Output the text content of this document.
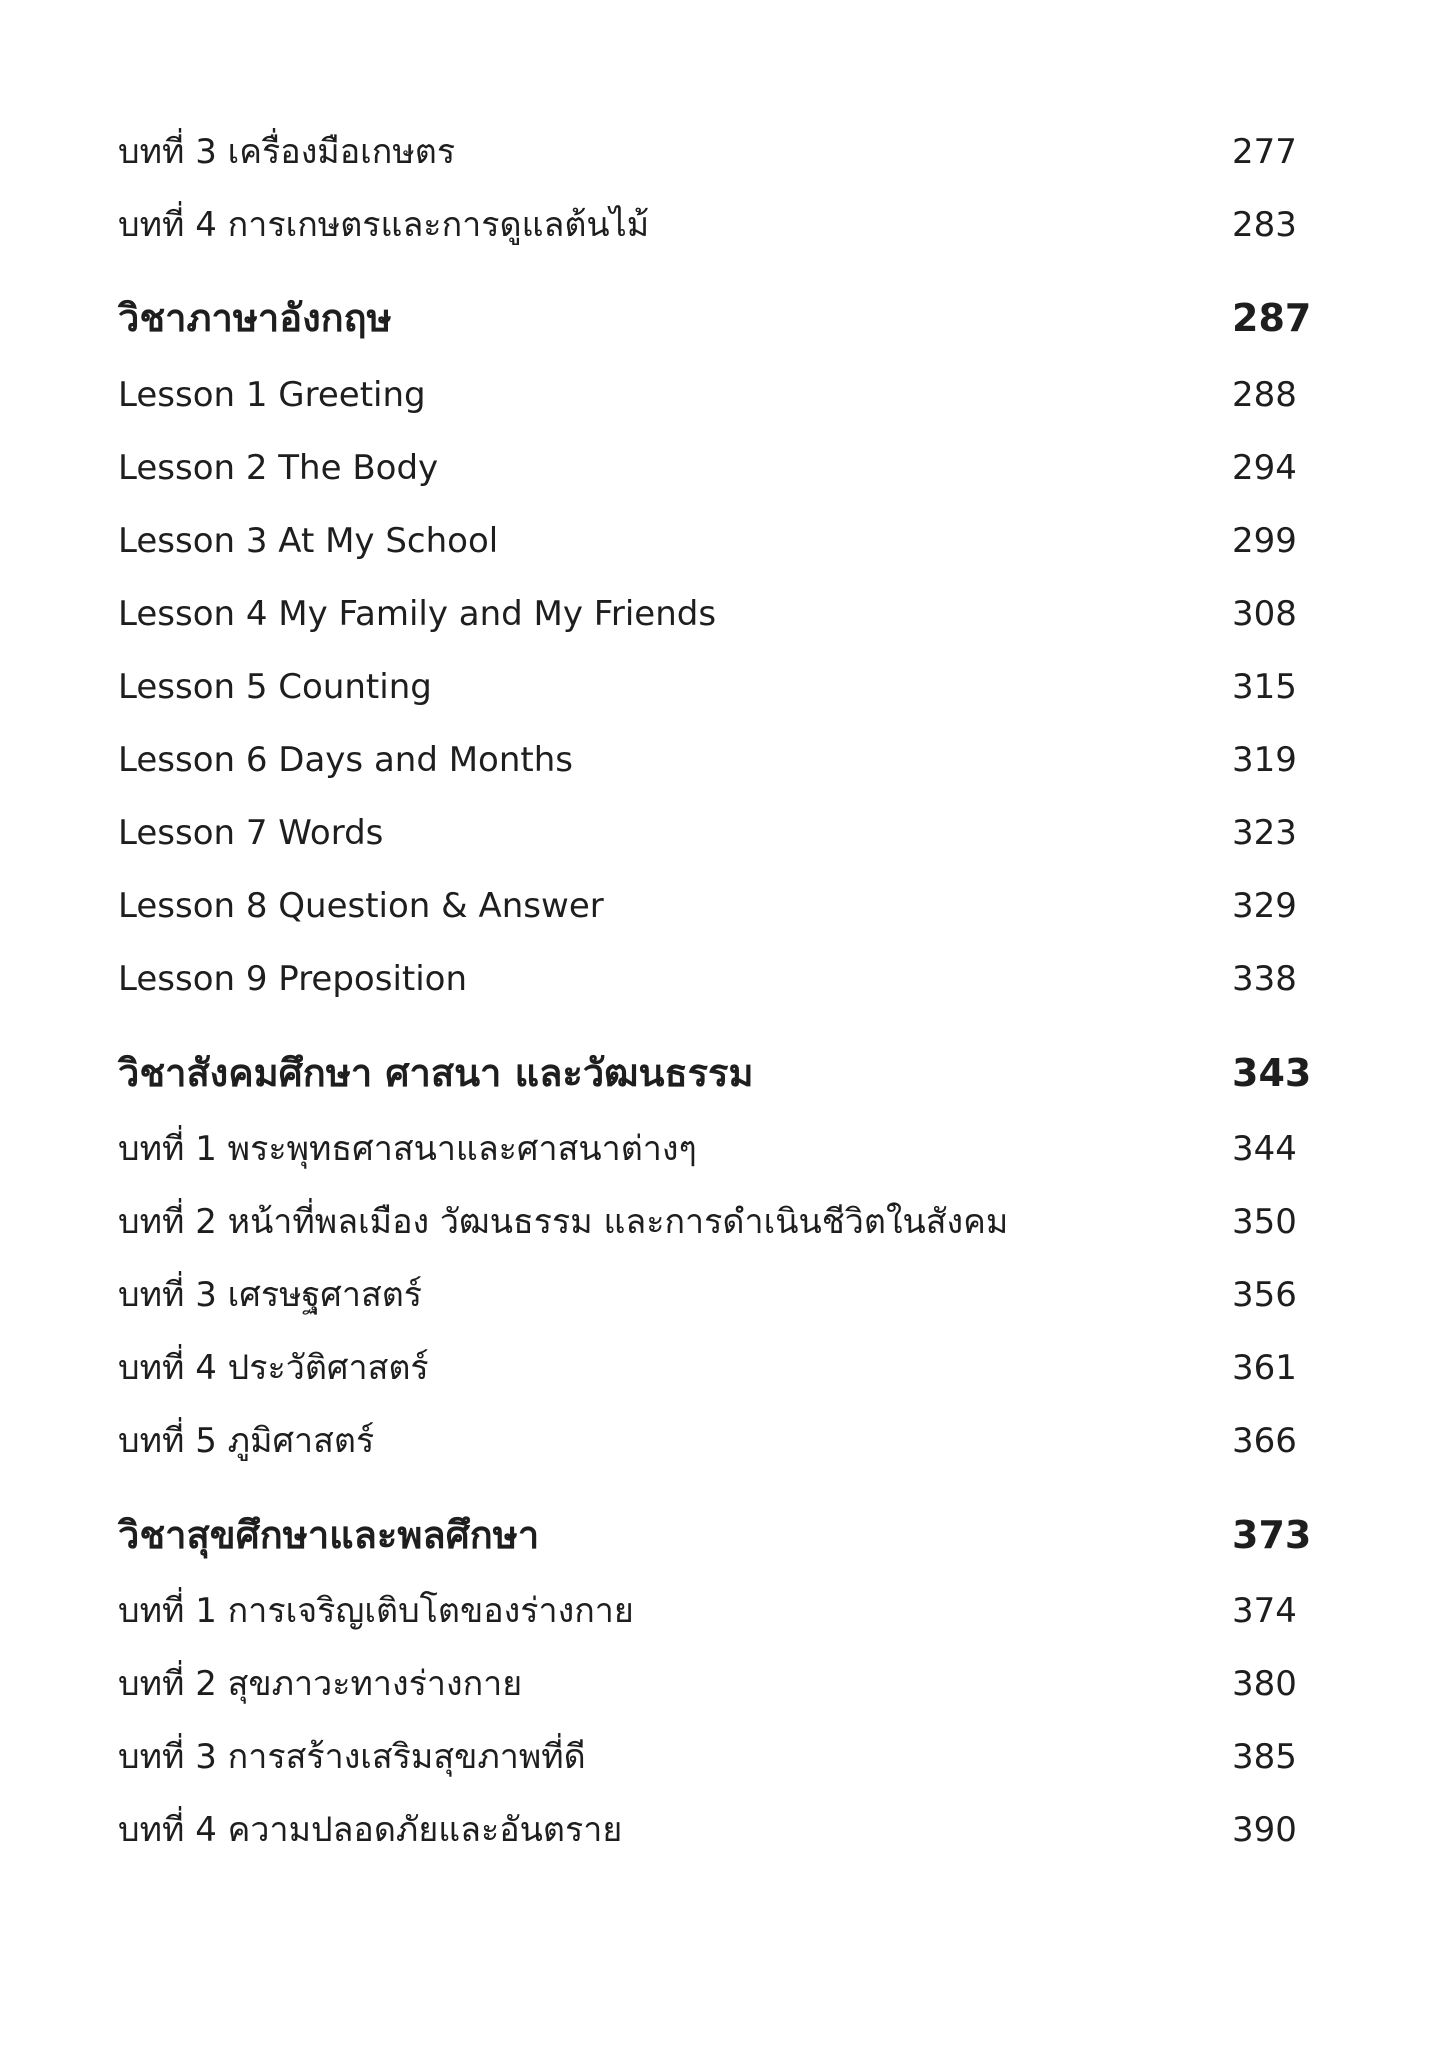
บทที่ 3 เครื่องมือเกษตร	277
บทที่ 4 การเกษตรและการดูแลต้นไม้	283
วิชาภาษาอังกฤษ	287
Lesson 1 Greeting	288
Lesson 2 The Body	294
Lesson 3 At My School	299
Lesson 4 My Family and My Friends	308
Lesson 5 Counting	315
Lesson 6 Days and Months	319
Lesson 7 Words	323
Lesson 8 Question & Answer	329
Lesson 9 Preposition	338
วิชาสังคมศึกษา ศาสนา และวัฒนธรรม	343
บทที่ 1 พระพุทธศาสนาและศาสนาต่างๆ	344
บทที่ 2 หน้าที่พลเมือง วัฒนธรรม และการดำเนินชีวิตในสังคม	350
บทที่ 3 เศรษฐศาสตร์	356
บทที่ 4 ประวัติศาสตร์	361
บทที่ 5 ภูมิศาสตร์	366
วิชาสุขศึกษาและพลศึกษา	373
บทที่ 1 การเจริญเติบโตของร่างกาย	374
บทที่ 2 สุขภาวะทางร่างกาย	380
บทที่ 3 การสร้างเสริมสุขภาพที่ดี	385
บทที่ 4 ความปลอดภัยและอันตราย	390
